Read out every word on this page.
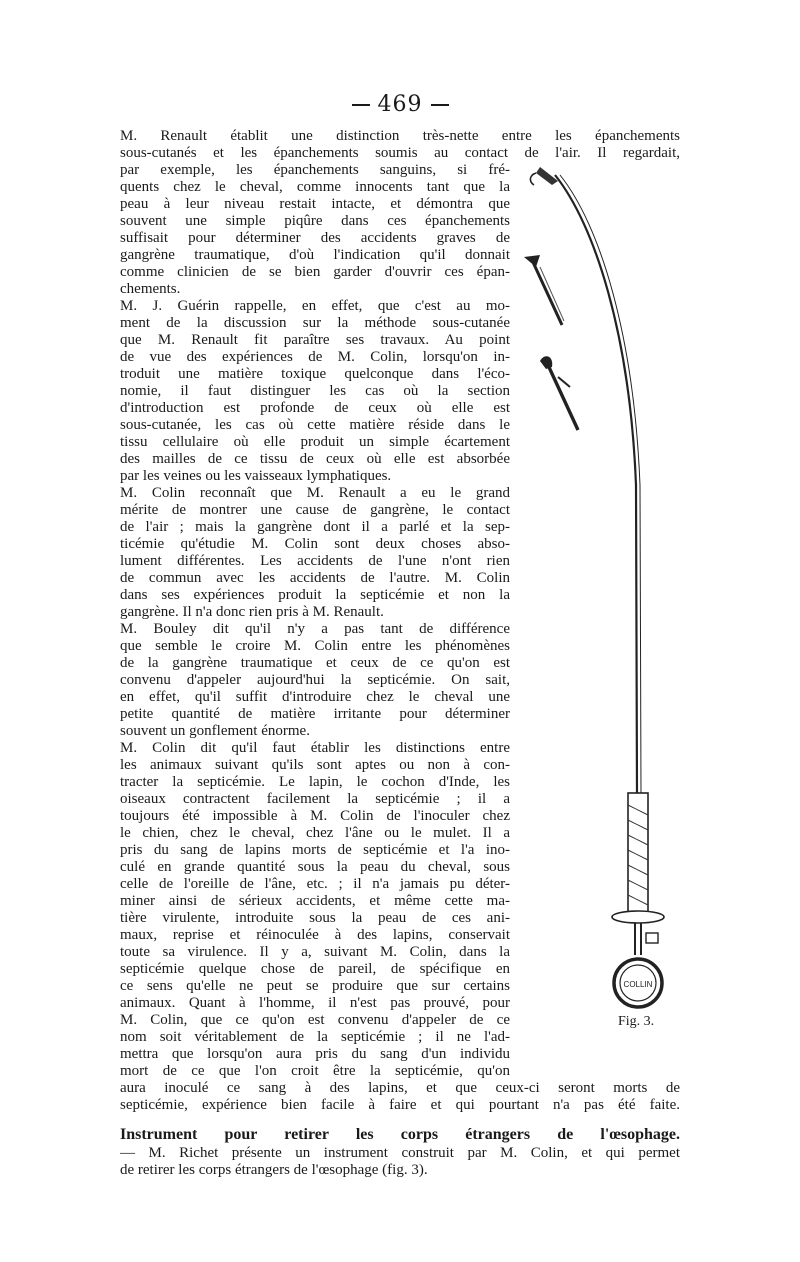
469
M. Renault établit une distinction très-nette entre les épanchements
sous-cutanés et les épanchements soumis au contact de l'air. Il regardait,
par exemple, les épanchements sanguins, si fré-
quents chez le cheval, comme innocents tant que la
peau à leur niveau restait intacte, et démontra que
souvent une simple piqûre dans ces épanchements
suffisait pour déterminer des accidents graves de
gangrène traumatique, d'où l'indication qu'il donnait
comme clinicien de se bien garder d'ouvrir ces épan-
chements.
M. J. Guérin rappelle, en effet, que c'est au mo-
ment de la discussion sur la méthode sous-cutanée
que M. Renault fit paraître ses travaux. Au point
de vue des expériences de M. Colin, lorsqu'on in-
troduit une matière toxique quelconque dans l'éco-
nomie, il faut distinguer les cas où la section
d'introduction est profonde de ceux où elle est
sous-cutanée, les cas où cette matière réside dans le
tissu cellulaire où elle produit un simple écartement
des mailles de ce tissu de ceux où elle est absorbée
par les veines ou les vaisseaux lymphatiques.
M. Colin reconnaît que M. Renault a eu le grand
mérite de montrer une cause de gangrène, le contact
de l'air ; mais la gangrène dont il a parlé et la sep-
ticémie qu'étudie M. Colin sont deux choses abso-
lument différentes. Les accidents de l'une n'ont rien
de commun avec les accidents de l'autre. M. Colin
dans ses expériences produit la septicémie et non la
gangrène. Il n'a donc rien pris à M. Renault.
M. Bouley dit qu'il n'y a pas tant de différence
que semble le croire M. Colin entre les phénomènes
de la gangrène traumatique et ceux de ce qu'on est
convenu d'appeler aujourd'hui la septicémie. On sait,
en effet, qu'il suffit d'introduire chez le cheval une
petite quantité de matière irritante pour déterminer
souvent un gonflement énorme.
M. Colin dit qu'il faut établir les distinctions entre
les animaux suivant qu'ils sont aptes ou non à con-
tracter la septicémie. Le lapin, le cochon d'Inde, les
oiseaux contractent facilement la septicémie ; il a
toujours été impossible à M. Colin de l'inoculer chez
le chien, chez le cheval, chez l'âne ou le mulet. Il a
pris du sang de lapins morts de septicémie et l'a ino-
culé en grande quantité sous la peau du cheval, sous
celle de l'oreille de l'âne, etc. ; il n'a jamais pu déter-
miner ainsi de sérieux accidents, et même cette ma-
tière virulente, introduite sous la peau de ces ani-
maux, reprise et réinoculée à des lapins, conservait
toute sa virulence. Il y a, suivant M. Colin, dans la
septicémie quelque chose de pareil, de spécifique en
ce sens qu'elle ne peut se produire que sur certains
animaux. Quant à l'homme, il n'est pas prouvé, pour
M. Colin, que ce qu'on est convenu d'appeler de ce
nom soit véritablement de la septicémie ; il ne l'ad-
mettra que lorsqu'on aura pris du sang d'un individu
mort de ce que l'on croit être la septicémie, qu'on
aura inoculé ce sang à des lapins, et que ceux-ci seront morts de
septicémie, expérience bien facile à faire et qui pourtant n'a pas été faite.
Instrument pour retirer les corps étrangers de l'œsophage.
— M. Richet présente un instrument construit par M. Colin, et qui permet
de retirer les corps étrangers de l'œsophage (fig. 3).
COLLIN
Fig. 3.
